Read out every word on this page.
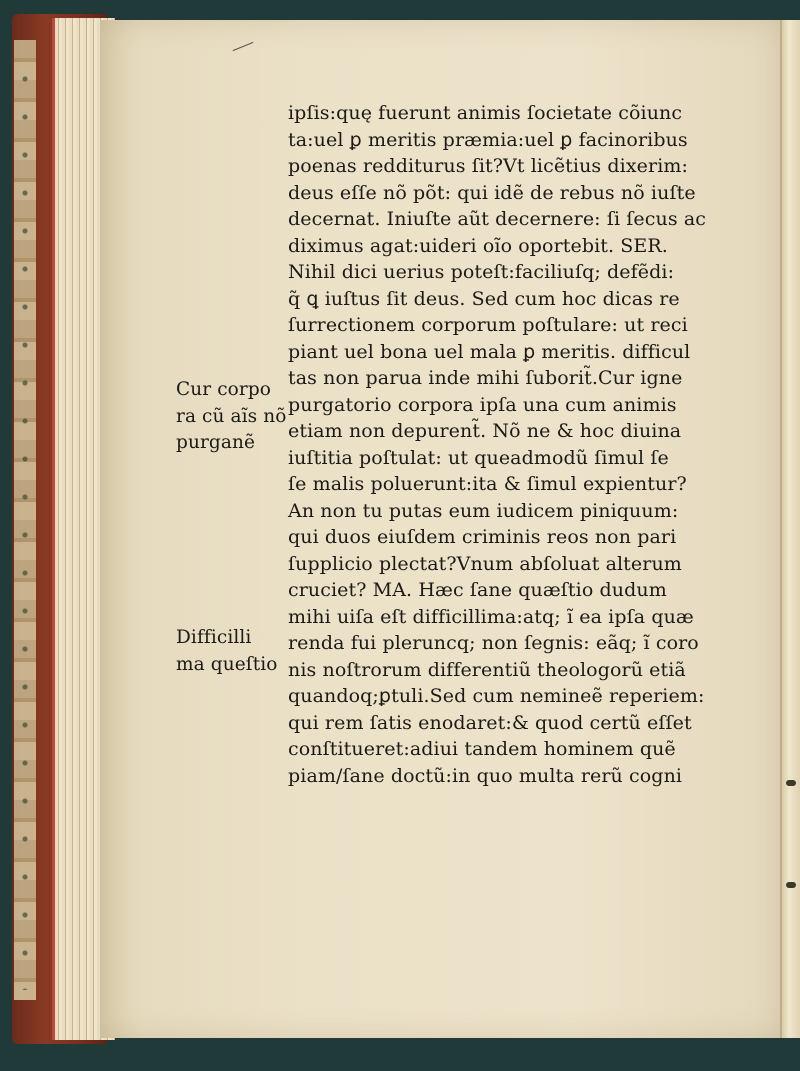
ipſis:quę fuerunt animis ſocietate cõiunc
ta:uel ꝑ meritis præmia:uel ꝑ facinoribus
poenas redditurus ſit?Vt licẽtius dixerim:
deus eſſe nõ põt: qui idẽ de rebus nõ iuſte
decernat. Iniuſte aũt decernere: ſi ſecus ac
diximus agat:uideri oĩo oportebit. SER.
Nihil dici uerius poteſt:faciliuſq; defẽdi:
q̃ ꝗ iuſtus ſit deus. Sed cum hoc dicas re
ſurrectionem corporum poſtulare: ut reci
piant uel bona uel mala ꝑ meritis. difficul
tas non parua inde mihi ſuborit̃.Cur igne
purgatorio corpora ipſa una cum animis
etiam non depurent̃. Nõ ne & hoc diuina
iuſtitia poſtulat: ut queadmodũ ſimul ſe
ſe malis poluerunt:ita & ſimul expientur?
An non tu putas eum iudicem piniquum:
qui duos eiuſdem criminis reos non pari
ſupplicio plectat?Vnum abſoluat alterum
cruciet? MA. Hæc ſane quæſtio dudum
mihi uiſa eſt difficillima:atq; ĩ ea ipſa quæ
renda fui pleruncq; non ſegnis: eãq; ĩ coro
nis noſtrorum differentiũ theologorũ etiã
quandoq;ꝑtuli.Sed cum nemineẽ reperiem:
qui rem ſatis enodaret:& quod certũ eſſet
conſtitueret:adiui tandem hominem quẽ
piam/ſane doctũ:in quo multa rerũ cogni
Cur corpo
ra cũ aĩs nõ
purganẽ
Difficilli
ma queſtio
